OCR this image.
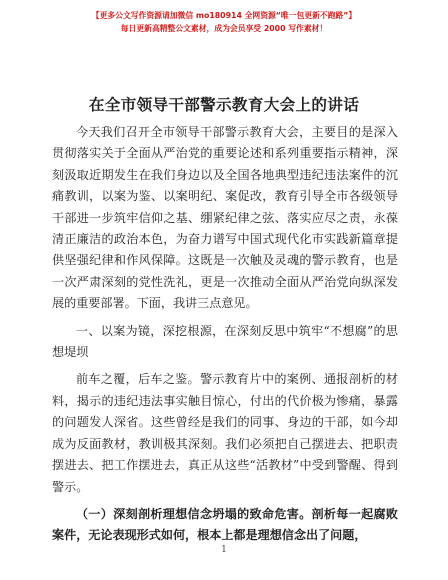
【更多公文写作资源请加微信 mo180914 全网资源“唯一包更新不跑路”】
每日更新高精整公文素材，成为会员享受 2000 写作素材！
在全市领导干部警示教育大会上的讲话

今天我们召开全市领导干部警示教育大会，主要目的是深入贯彻落实关于全面从严治党的重要论述和系列重要指示精神，深刻汲取近期发生在我们身边以及全国各地典型违纪违法案件的沉痛教训，以案为鉴、以案明纪、案促改，教育引导全市各级领导干部进一步筑牢信仰之基、绷紧纪律之弦、落实应尽之责，永葆清正廉洁的政治本色，为奋力谱写中国式现代化市实践新篇章提供坚强纪律和作风保障。这既是一次触及灵魂的警示教育，也是一次严肃深刻的党性洗礼，更是一次推动全面从严治党向纵深发展的重要部署。下面，我讲三点意见。

一、以案为镜，深挖根源，在深刻反思中筑牢“不想腐”的思想堤坝

前车之覆，后车之鉴。警示教育片中的案例、通报剖析的材料，揭示的违纪违法事实触目惊心，付出的代价极为惨痛，暴露的问题发人深省。这些曾经是我们的同事、身边的干部，如今却成为反面教材，教训极其深刻。我们必须把自己摆进去、把职责摆进去、把工作摆进去，真正从这些“活教材”中受到警醒、得到警示。

（一）深刻剖析理想信念坍塌的致命危害。剖析每一起腐败案件，无论表现形式如何，根本上都是理想信念出了问题，

1
